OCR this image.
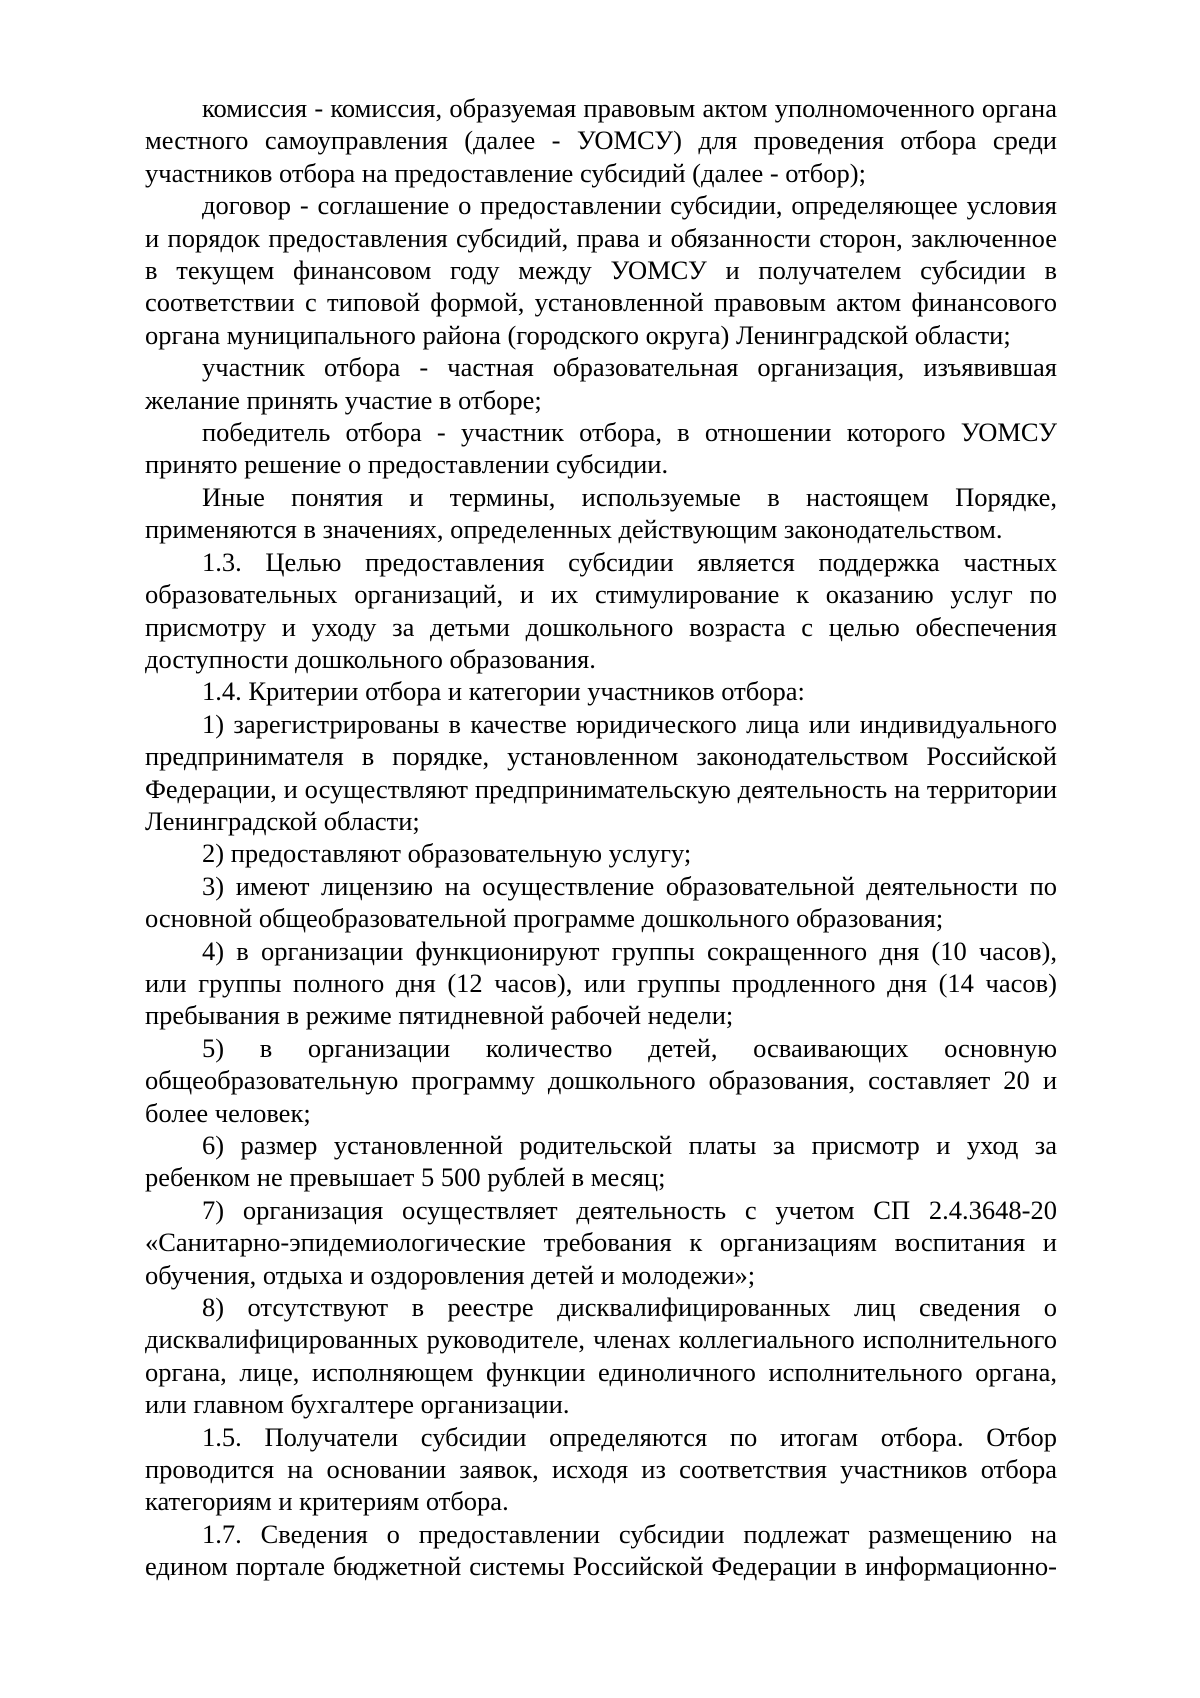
комиссия - комиссия, образуемая правовым актом уполномоченного органа местного самоуправления (далее - УОМСУ) для проведения отбора среди участников отбора на предоставление субсидий (далее - отбор);

договор - соглашение о предоставлении субсидии, определяющее условия и порядок предоставления субсидий, права и обязанности сторон, заключенное в текущем финансовом году между УОМСУ и получателем субсидии в соответствии с типовой формой, установленной правовым актом финансового органа муниципального района (городского округа) Ленинградской области;

участник отбора - частная образовательная организация, изъявившая желание принять участие в отборе;

победитель отбора - участник отбора, в отношении которого УОМСУ принято решение о предоставлении субсидии.

Иные понятия и термины, используемые в настоящем Порядке, применяются в значениях, определенных действующим законодательством.

1.3. Целью предоставления субсидии является поддержка частных образовательных организаций, и их стимулирование к оказанию услуг по присмотру и уходу за детьми дошкольного возраста с целью обеспечения доступности дошкольного образования.

1.4. Критерии отбора и категории участников отбора:

1) зарегистрированы в качестве юридического лица или индивидуального предпринимателя в порядке, установленном законодательством Российской Федерации, и осуществляют предпринимательскую деятельность на территории Ленинградской области;

2) предоставляют образовательную услугу;

3) имеют лицензию на осуществление образовательной деятельности по основной общеобразовательной программе дошкольного образования;

4) в организации функционируют группы сокращенного дня (10 часов), или группы полного дня (12 часов), или группы продленного дня (14 часов) пребывания в режиме пятидневной рабочей недели;

5) в организации количество детей, осваивающих основную общеобразовательную программу дошкольного образования, составляет 20 и более человек;

6) размер установленной родительской платы за присмотр и уход за ребенком не превышает 5 500 рублей в месяц;

7) организация осуществляет деятельность с учетом СП 2.4.3648-20 «Санитарно-эпидемиологические требования к организациям воспитания и обучения, отдыха и оздоровления детей и молодежи»;

8) отсутствуют в реестре дисквалифицированных лиц сведения о дисквалифицированных руководителе, членах коллегиального исполнительного органа, лице, исполняющем функции единоличного исполнительного органа, или главном бухгалтере организации.

1.5. Получатели субсидии определяются по итогам отбора. Отбор проводится на основании заявок, исходя из соответствия участников отбора категориям и критериям отбора.

1.7. Сведения о предоставлении субсидии подлежат размещению на едином портале бюджетной системы Российской Федерации в информационно-
